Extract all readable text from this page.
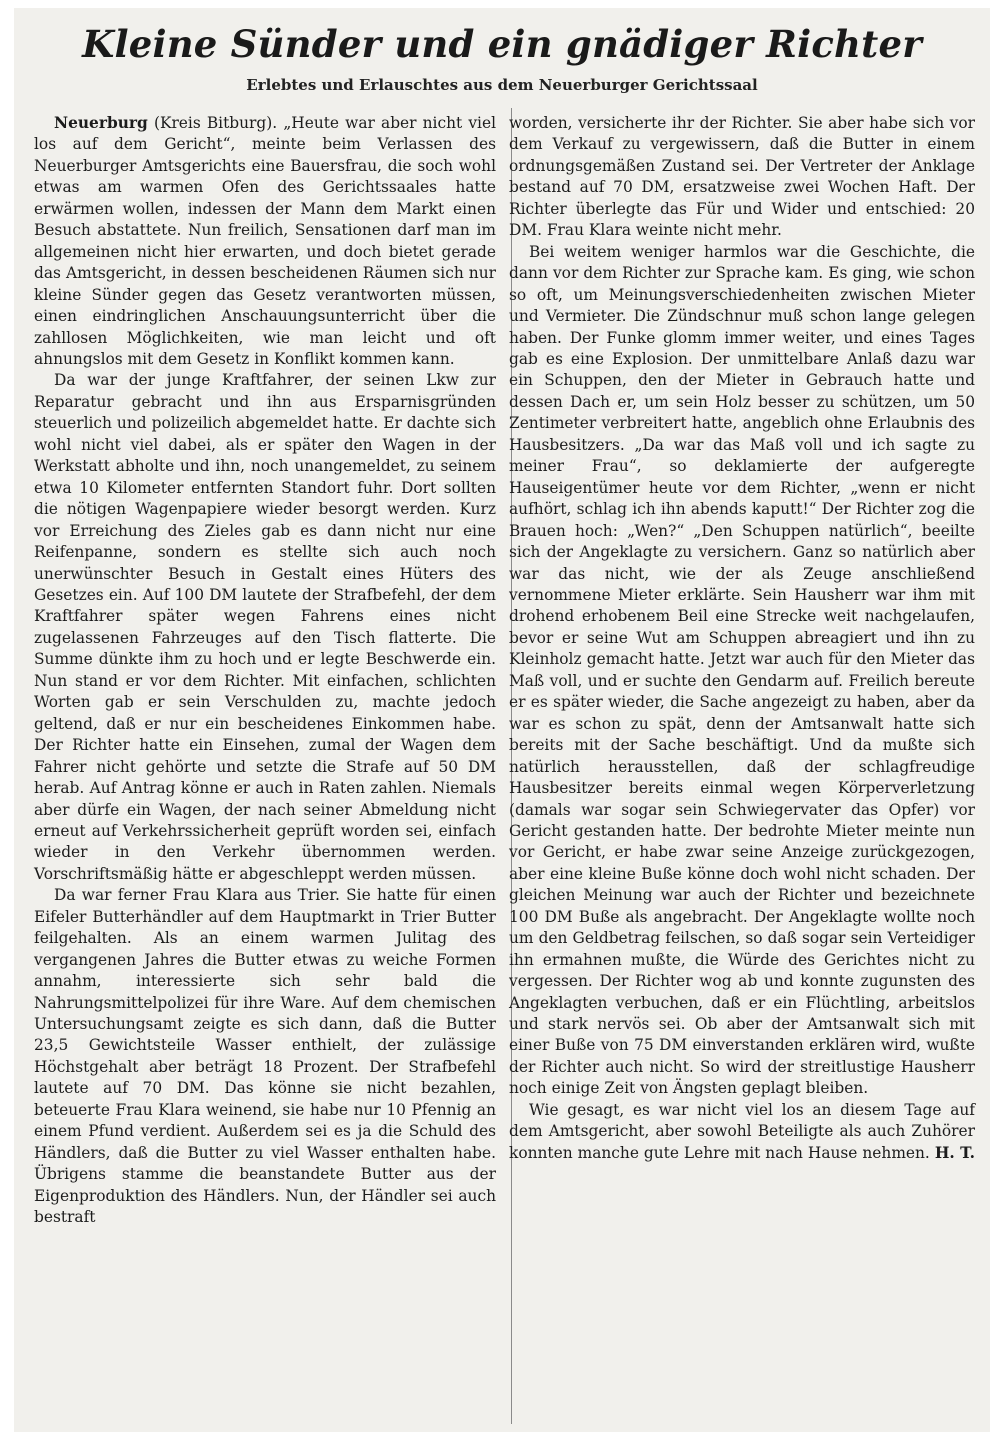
Kleine Sünder und ein gnädiger Richter
Erlebtes und Erlauschtes aus dem Neuerburger Gerichtssaal

Neuerburg (Kreis Bitburg). „Heute war aber nicht viel los auf dem Gericht“, meinte beim Verlassen des Neuerburger Amtsgerichts eine Bauersfrau, die soch wohl etwas am warmen Ofen des Gerichtssaales hatte erwärmen wollen, indessen der Mann dem Markt einen Besuch abstattete. Nun freilich, Sensationen darf man im allgemeinen nicht hier erwarten, und doch bietet gerade das Amtsgericht, in dessen bescheidenen Räumen sich nur kleine Sünder gegen das Gesetz verantworten müssen, einen eindringlichen Anschauungsunterricht über die zahllosen Möglichkeiten, wie man leicht und oft ahnungslos mit dem Gesetz in Konflikt kommen kann.

Da war der junge Kraftfahrer, der seinen Lkw zur Reparatur gebracht und ihn aus Ersparnisgründen steuerlich und polizeilich abgemeldet hatte. Er dachte sich wohl nicht viel dabei, als er später den Wagen in der Werkstatt abholte und ihn, noch unangemeldet, zu seinem etwa 10 Kilometer entfernten Standort fuhr. Dort sollten die nötigen Wagenpapiere wieder besorgt werden. Kurz vor Erreichung des Zieles gab es dann nicht nur eine Reifenpanne, sondern es stellte sich auch noch unerwünschter Besuch in Gestalt eines Hüters des Gesetzes ein. Auf 100 DM lautete der Strafbefehl, der dem Kraftfahrer später wegen Fahrens eines nicht zugelassenen Fahrzeuges auf den Tisch flatterte. Die Summe dünkte ihm zu hoch und er legte Beschwerde ein. Nun stand er vor dem Richter. Mit einfachen, schlichten Worten gab er sein Verschulden zu, machte jedoch geltend, daß er nur ein bescheidenes Einkommen habe. Der Richter hatte ein Einsehen, zumal der Wagen dem Fahrer nicht gehörte und setzte die Strafe auf 50 DM herab. Auf Antrag könne er auch in Raten zahlen. Niemals aber dürfe ein Wagen, der nach seiner Abmeldung nicht erneut auf Verkehrssicherheit geprüft worden sei, einfach wieder in den Verkehr übernommen werden. Vorschriftsmäßig hätte er abgeschleppt werden müssen.

Da war ferner Frau Klara aus Trier. Sie hatte für einen Eifeler Butterhändler auf dem Hauptmarkt in Trier Butter feilgehalten. Als an einem warmen Julitag des vergangenen Jahres die Butter etwas zu weiche Formen annahm, interessierte sich sehr bald die Nahrungsmittelpolizei für ihre Ware. Auf dem chemischen Untersuchungsamt zeigte es sich dann, daß die Butter 23,5 Gewichtsteile Wasser enthielt, der zulässige Höchstgehalt aber beträgt 18 Prozent. Der Strafbefehl lautete auf 70 DM. Das könne sie nicht bezahlen, beteuerte Frau Klara weinend, sie habe nur 10 Pfennig an einem Pfund verdient. Außerdem sei es ja die Schuld des Händlers, daß die Butter zu viel Wasser enthalten habe. Übrigens stamme die beanstandete Butter aus der Eigenproduktion des Händlers. Nun, der Händler sei auch bestraft

worden, versicherte ihr der Richter. Sie aber habe sich vor dem Verkauf zu vergewissern, daß die Butter in einem ordnungsgemäßen Zustand sei. Der Vertreter der Anklage bestand auf 70 DM, ersatzweise zwei Wochen Haft. Der Richter überlegte das Für und Wider und entschied: 20 DM. Frau Klara weinte nicht mehr.

Bei weitem weniger harmlos war die Geschichte, die dann vor dem Richter zur Sprache kam. Es ging, wie schon so oft, um Meinungsverschiedenheiten zwischen Mieter und Vermieter. Die Zündschnur muß schon lange gelegen haben. Der Funke glomm immer weiter, und eines Tages gab es eine Explosion. Der unmittelbare Anlaß dazu war ein Schuppen, den der Mieter in Gebrauch hatte und dessen Dach er, um sein Holz besser zu schützen, um 50 Zentimeter verbreitert hatte, angeblich ohne Erlaubnis des Hausbesitzers. „Da war das Maß voll und ich sagte zu meiner Frau“, so deklamierte der aufgeregte Hauseigentümer heute vor dem Richter, „wenn er nicht aufhört, schlag ich ihn abends kaputt!“ Der Richter zog die Brauen hoch: „Wen?“ „Den Schuppen natürlich“, beeilte sich der Angeklagte zu versichern. Ganz so natürlich aber war das nicht, wie der als Zeuge anschließend vernommene Mieter erklärte. Sein Hausherr war ihm mit drohend erhobenem Beil eine Strecke weit nachgelaufen, bevor er seine Wut am Schuppen abreagiert und ihn zu Kleinholz gemacht hatte. Jetzt war auch für den Mieter das Maß voll, und er suchte den Gendarm auf. Freilich bereute er es später wieder, die Sache angezeigt zu haben, aber da war es schon zu spät, denn der Amtsanwalt hatte sich bereits mit der Sache beschäftigt. Und da mußte sich natürlich herausstellen, daß der schlagfreudige Hausbesitzer bereits einmal wegen Körperverletzung (damals war sogar sein Schwiegervater das Opfer) vor Gericht gestanden hatte. Der bedrohte Mieter meinte nun vor Gericht, er habe zwar seine Anzeige zurückgezogen, aber eine kleine Buße könne doch wohl nicht schaden. Der gleichen Meinung war auch der Richter und bezeichnete 100 DM Buße als angebracht. Der Angeklagte wollte noch um den Geldbetrag feilschen, so daß sogar sein Verteidiger ihn ermahnen mußte, die Würde des Gerichtes nicht zu vergessen. Der Richter wog ab und konnte zugunsten des Angeklagten verbuchen, daß er ein Flüchtling, arbeitslos und stark nervös sei. Ob aber der Amtsanwalt sich mit einer Buße von 75 DM einverstanden erklären wird, wußte der Richter auch nicht. So wird der streitlustige Hausherr noch einige Zeit von Ängsten geplagt bleiben.

Wie gesagt, es war nicht viel los an diesem Tage auf dem Amtsgericht, aber sowohl Beteiligte als auch Zuhörer konnten manche gute Lehre mit nach Hause nehmen. H. T.
